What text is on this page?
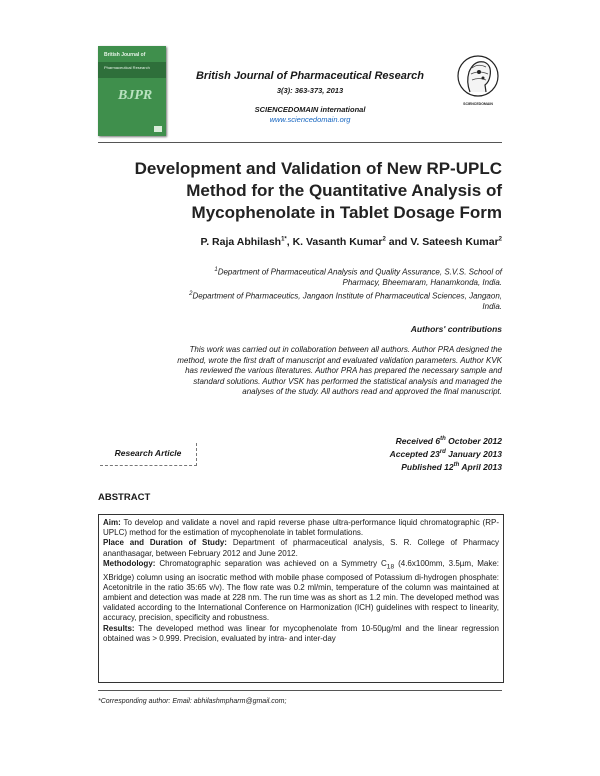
British Journal of
Pharmaceutical Research
BJPR
British Journal of Pharmaceutical Research
3(3): 363-373, 2013
SCIENCEDOMAIN international
www.sciencedomain.org
SCIENCEDOMAIN
Development and Validation of New RP-UPLC
Method for the Quantitative Analysis of
Mycophenolate in Tablet Dosage Form
P. Raja Abhilash$^{1*}$, K. Vasanth Kumar$^2$ and V. Sateesh Kumar$^2$
$^1$Department of Pharmaceutical Analysis and Quality Assurance, S.V.S. School of
Pharmacy, Bheemaram, Hanamkonda, India.
$^2$Department of Pharmaceutics, Jangaon Institute of Pharmaceutical Sciences, Jangaon,
India.
Authors' contributions
This work was carried out in collaboration between all authors. Author PRA designed the
method, wrote the first draft of manuscript and evaluated validation parameters. Author KVK
has reviewed the various literatures. Author PRA has prepared the necessary sample and
standard solutions. Author VSK has performed the statistical analysis and managed the
analyses of the study. All authors read and approved the final manuscript.
Research Article
Received 6th October 2012
Accepted 23rd January 2013
Published 12th April 2013
ABSTRACT
Aim: To develop and validate a novel and rapid reverse phase ultra-performance liquid chromatographic (RP-UPLC) method for the estimation of mycophenolate in tablet formulations.
Place and Duration of Study: Department of pharmaceutical analysis, S. R. College of Pharmacy ananthasagar, between February 2012 and June 2012.
Methodology: Chromatographic separation was achieved on a Symmetry $C_{18}$ (4.6x100mm, 3.5µm, Make: XBridge) column using an isocratic method with mobile phase composed of Potassium di-hydrogen phosphate: Acetonitrile in the ratio 35:65 v/v). The flow rate was 0.2 ml/min, temperature of the column was maintained at ambient and detection was made at 228 nm. The run time was as short as 1.2 min. The developed method was validated according to the International Conference on Harmonization (ICH) guidelines with respect to linearity, accuracy, precision, specificity and robustness.
Results: The developed method was linear for mycophenolate from 10-50µg/ml and the linear regression obtained was > 0.999. Precision, evaluated by intra- and inter-day
*Corresponding author: Email: abhilashmpharm@gmail.com;
